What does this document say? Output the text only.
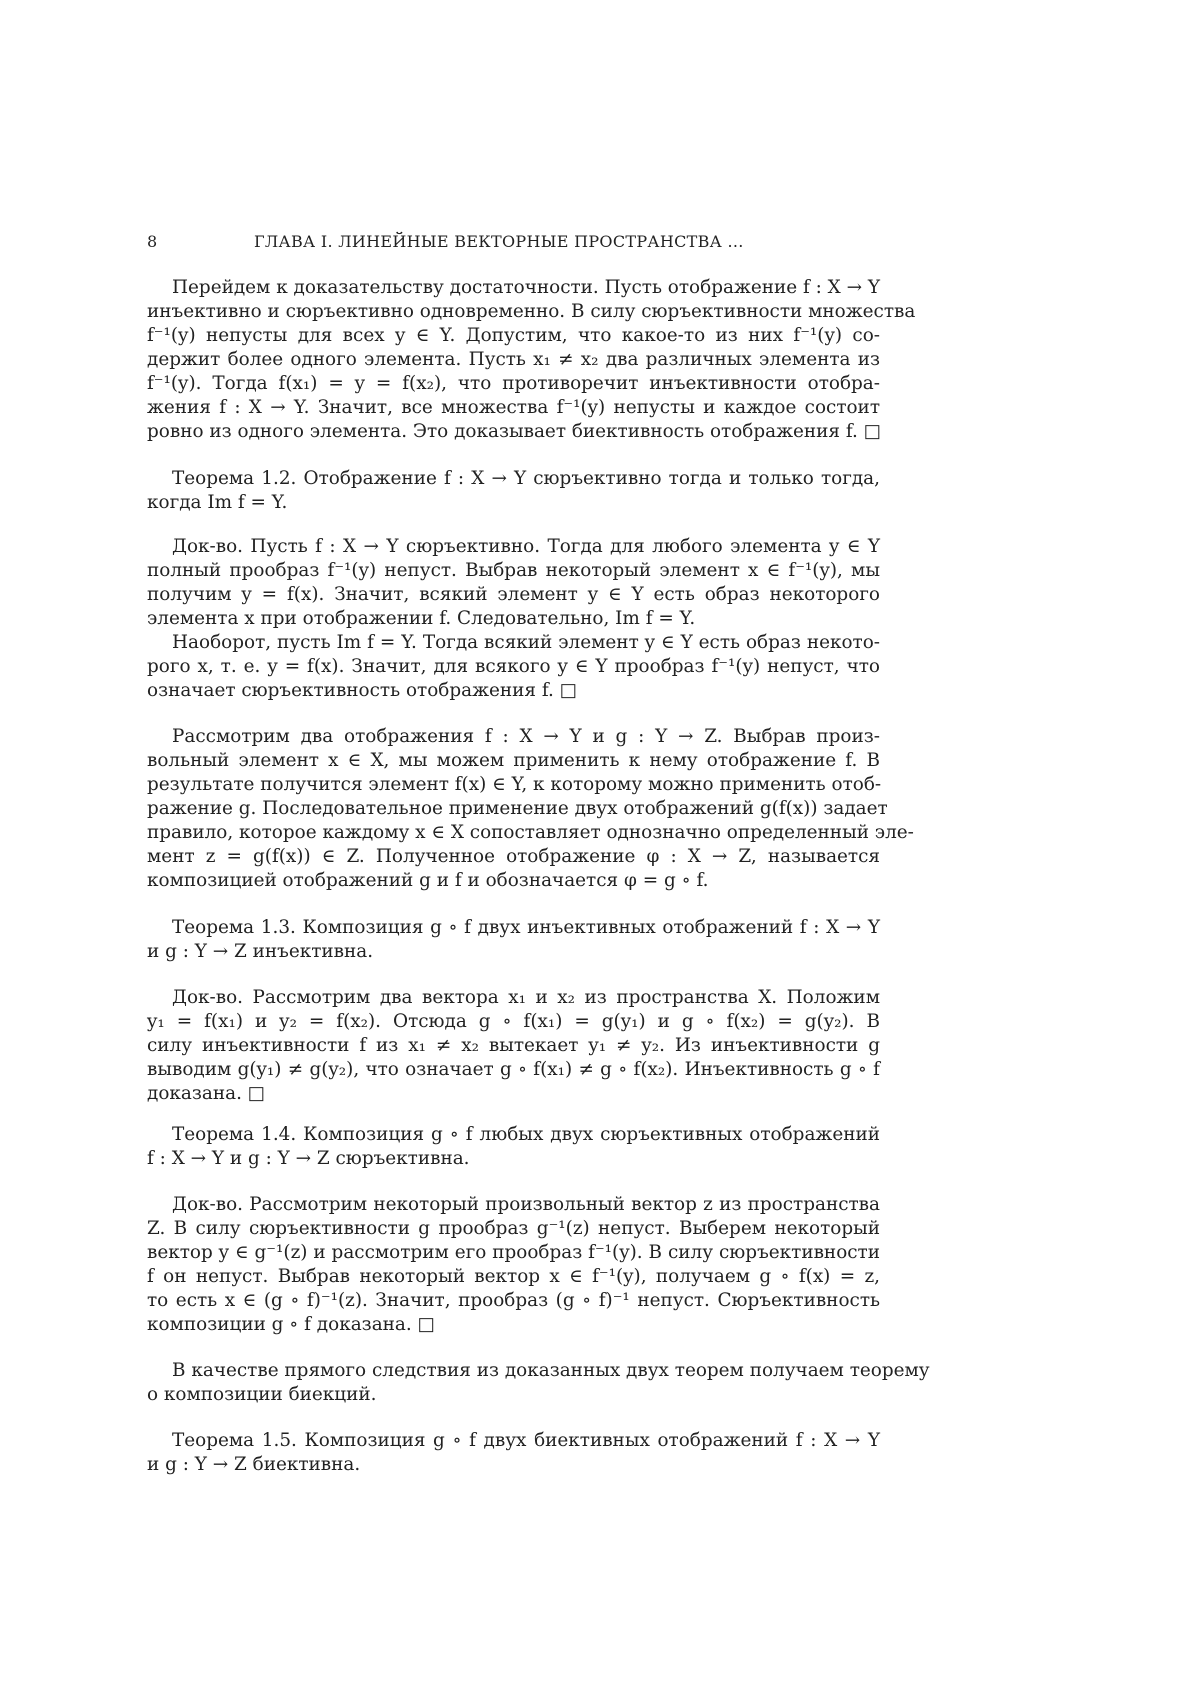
8	ГЛАВА I. ЛИНЕЙНЫЕ ВЕКТОРНЫЕ ПРОСТРАНСТВА ...
Перейдем к доказательству достаточности. Пусть отображение f : X → Y
инъективно и сюръективно одновременно. В силу сюръективности множества
f⁻¹(y) непусты для всех y ∈ Y. Допустим, что какое-то из них f⁻¹(y) со-
держит более одного элемента. Пусть x₁ ≠ x₂ два различных элемента из
f⁻¹(y). Тогда f(x₁) = y = f(x₂), что противоречит инъективности отобра-
жения f : X → Y. Значит, все множества f⁻¹(y) непусты и каждое состоит
ровно из одного элемента. Это доказывает биективность отображения f. □
Теорема 1.2. Отображение f : X → Y сюръективно тогда и только тогда,
когда Im f = Y.
Док-во. Пусть f : X → Y сюръективно. Тогда для любого элемента y ∈ Y
полный прообраз f⁻¹(y) непуст. Выбрав некоторый элемент x ∈ f⁻¹(y), мы
получим y = f(x). Значит, всякий элемент y ∈ Y есть образ некоторого
элемента x при отображении f. Следовательно, Im f = Y.
Наоборот, пусть Im f = Y. Тогда всякий элемент y ∈ Y есть образ некото-
рого x, т. е. y = f(x). Значит, для всякого y ∈ Y прообраз f⁻¹(y) непуст, что
означает сюръективность отображения f. □
Рассмотрим два отображения f : X → Y и g : Y → Z. Выбрав произ-
вольный элемент x ∈ X, мы можем применить к нему отображение f. В
результате получится элемент f(x) ∈ Y, к которому можно применить отоб-
ражение g. Последовательное применение двух отображений g(f(x)) задает
правило, которое каждому x ∈ X сопоставляет однозначно определенный эле-
мент z = g(f(x)) ∈ Z. Полученное отображение φ : X → Z, называется
композицией отображений g и f и обозначается φ = g ∘ f.
Теорема 1.3. Композиция g ∘ f двух инъективных отображений f : X → Y
и g : Y → Z инъективна.
Док-во. Рассмотрим два вектора x₁ и x₂ из пространства X. Положим
y₁ = f(x₁) и y₂ = f(x₂). Отсюда g ∘ f(x₁) = g(y₁) и g ∘ f(x₂) = g(y₂). В
силу инъективности f из x₁ ≠ x₂ вытекает y₁ ≠ y₂. Из инъективности g
выводим g(y₁) ≠ g(y₂), что означает g ∘ f(x₁) ≠ g ∘ f(x₂). Инъективность g ∘ f
доказана. □
Теорема 1.4. Композиция g ∘ f любых двух сюръективных отображений
f : X → Y и g : Y → Z сюръективна.
Док-во. Рассмотрим некоторый произвольный вектор z из пространства
Z. В силу сюръективности g прообраз g⁻¹(z) непуст. Выберем некоторый
вектор y ∈ g⁻¹(z) и рассмотрим его прообраз f⁻¹(y). В силу сюръективности
f он непуст. Выбрав некоторый вектор x ∈ f⁻¹(y), получаем g ∘ f(x) = z,
то есть x ∈ (g ∘ f)⁻¹(z). Значит, прообраз (g ∘ f)⁻¹ непуст. Сюръективность
композиции g ∘ f доказана. □
В качестве прямого следствия из доказанных двух теорем получаем теорему
о композиции биекций.
Теорема 1.5. Композиция g ∘ f двух биективных отображений f : X → Y
и g : Y → Z биективна.
